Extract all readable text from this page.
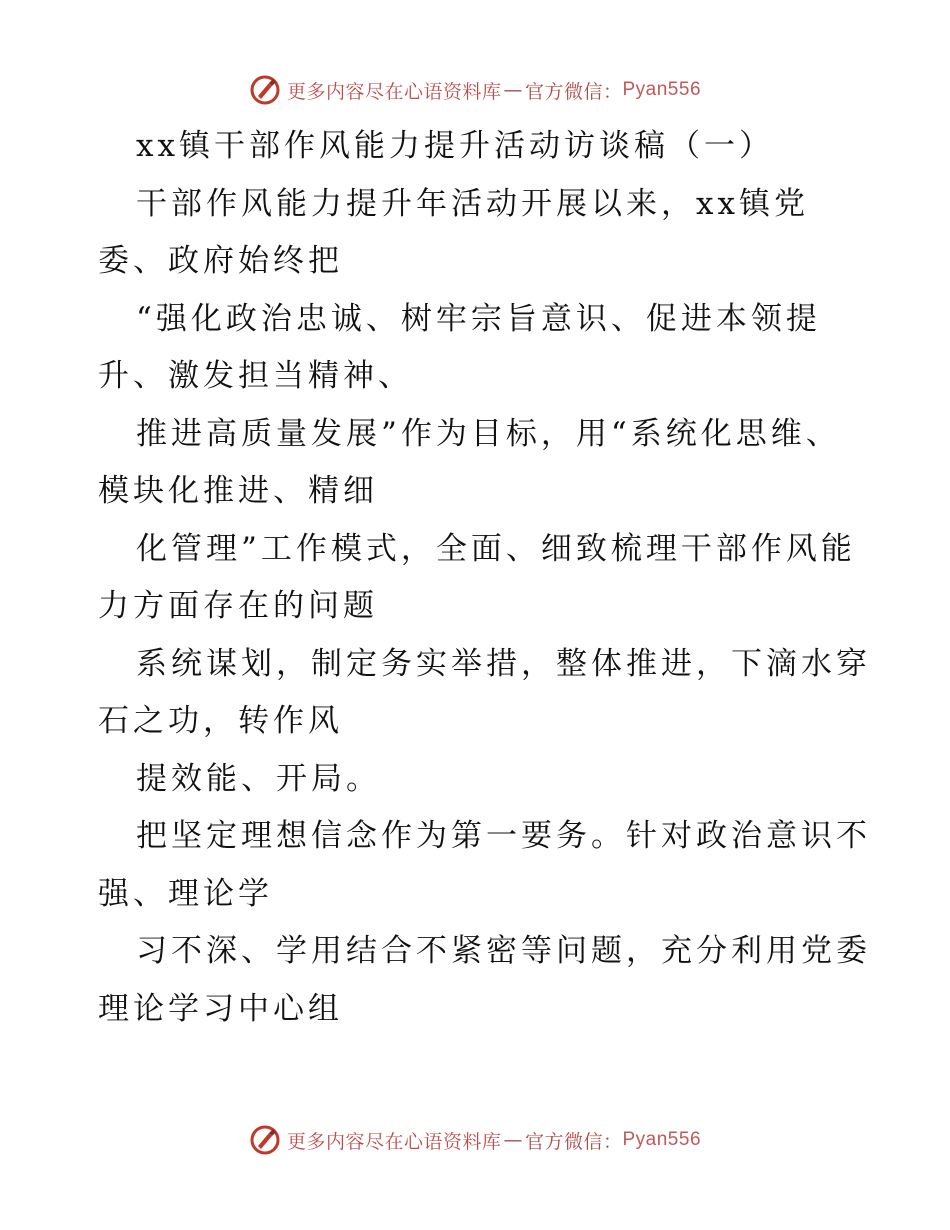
更多内容尽在心语资料库 — 官方微信： Pyan556
xx镇干部作风能力提升活动访谈稿（一）
干部作风能力提升年活动开展以来，xx镇党
委、政府始终把
“强化政治忠诚、树牢宗旨意识、促进本领提
升、激发担当精神、
推进高质量发展”作为目标，用“系统化思维、
模块化推进、精细
化管理”工作模式，全面、细致梳理干部作风能
力方面存在的问题
系统谋划，制定务实举措，整体推进，下滴水穿
石之功，转作风
提效能、开局。
把坚定理想信念作为第一要务。针对政治意识不
强、理论学
习不深、学用结合不紧密等问题，充分利用党委
理论学习中心组
更多内容尽在心语资料库 — 官方微信： Pyan556
